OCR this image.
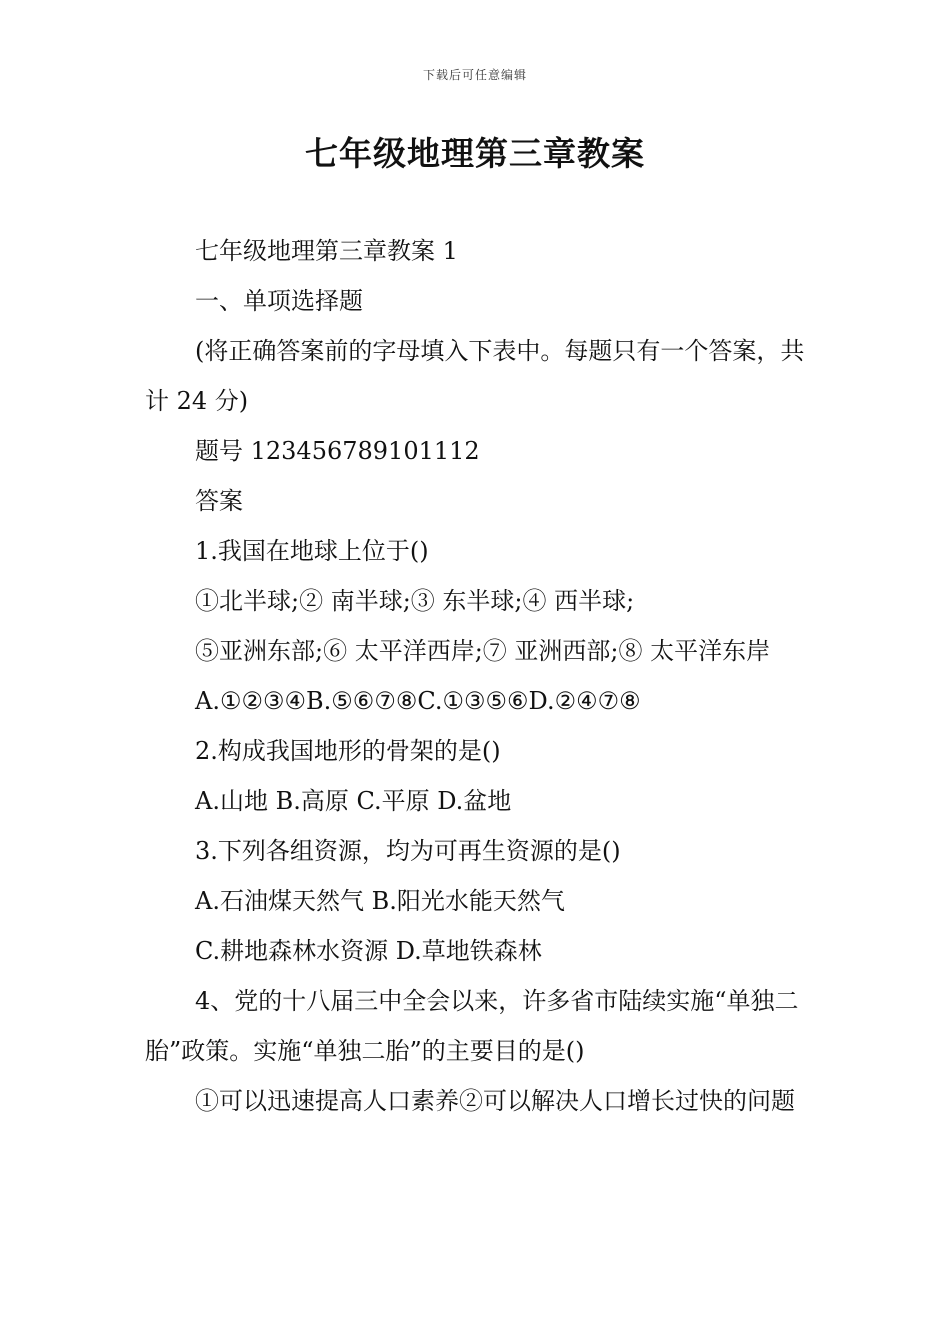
下载后可任意编辑
七年级地理第三章教案

七年级地理第三章教案 1

一、单项选择题

(将正确答案前的字母填入下表中。每题只有一个答案，共计 24 分)

题号 123456789101112

答案

1.我国在地球上位于()

①北半球;② 南半球;③ 东半球;④ 西半球;

⑤亚洲东部;⑥ 太平洋西岸;⑦ 亚洲西部;⑧ 太平洋东岸

A.①②③④B.⑤⑥⑦⑧C.①③⑤⑥D.②④⑦⑧

2.构成我国地形的骨架的是()

A.山地 B.高原 C.平原 D.盆地

3.下列各组资源，均为可再生资源的是()

A.石油煤天然气 B.阳光水能天然气

C.耕地森林水资源 D.草地铁森林

4、党的十八届三中全会以来，许多省市陆续实施“单独二胎”政策。实施“单独二胎”的主要目的是()

①可以迅速提高人口素养②可以解决人口增长过快的问题
